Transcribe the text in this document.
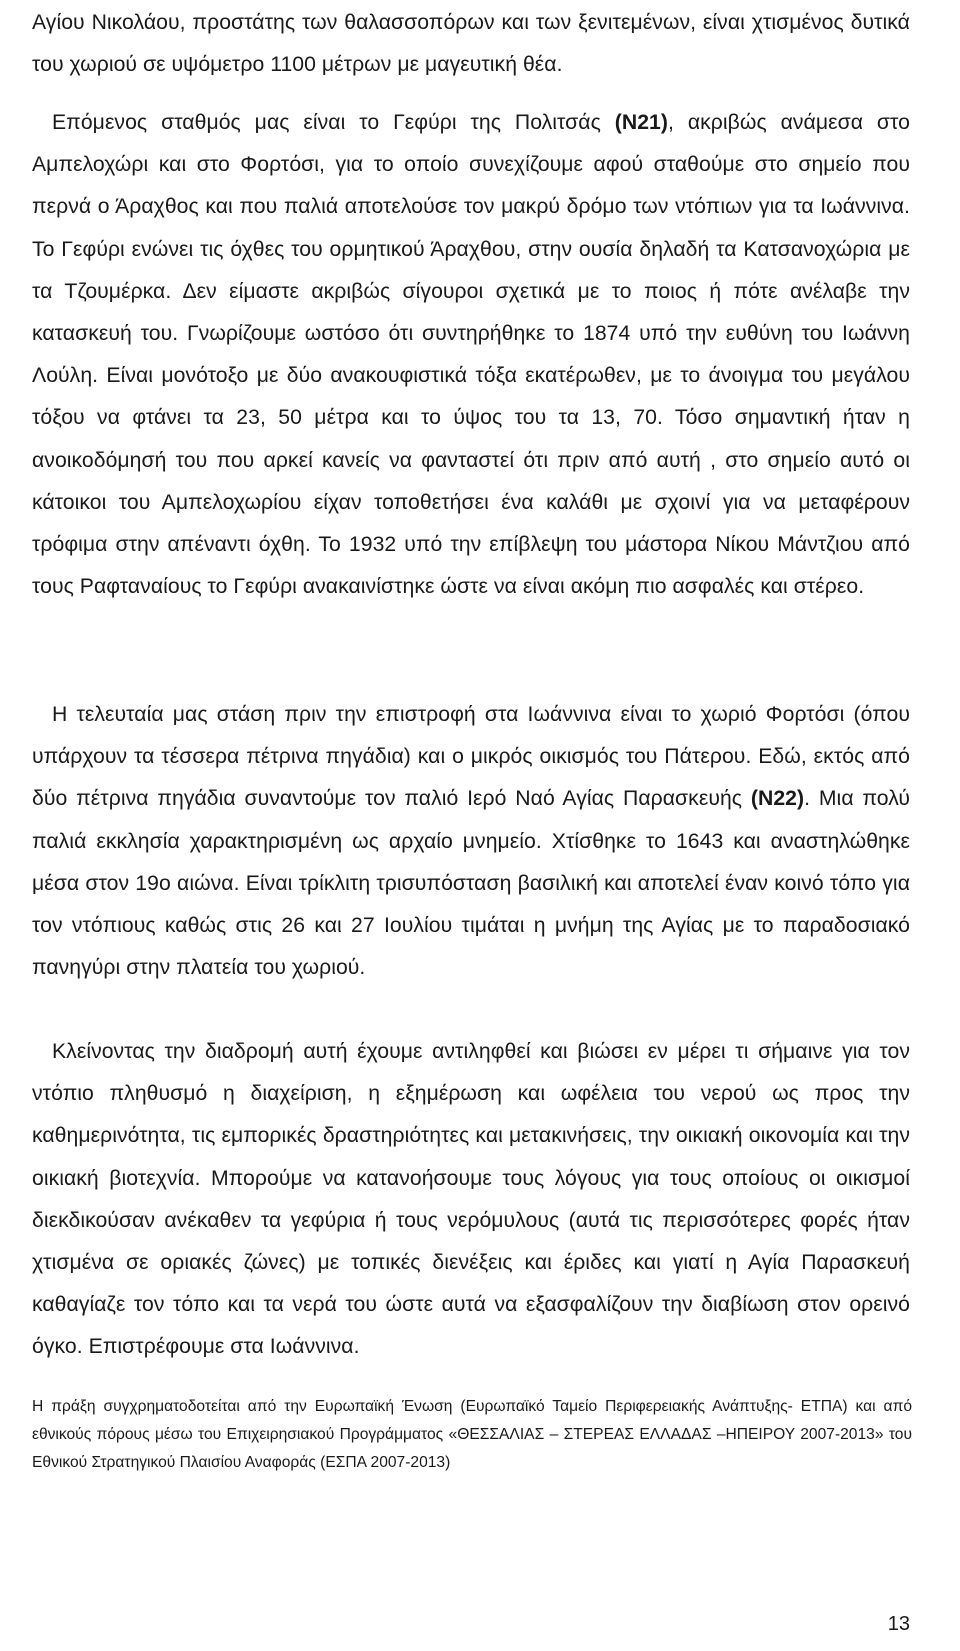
Αγίου Νικολάου, προστάτης των θαλασσοπόρων και των ξενιτεμένων, είναι χτισμένος δυτικά του χωριού σε υψόμετρο 1100 μέτρων με μαγευτική θέα.

Επόμενος σταθμός μας είναι το Γεφύρι της Πολιτσάς (Ν21), ακριβώς ανάμεσα στο Αμπελοχώρι και στο Φορτόσι, για το οποίο συνεχίζουμε αφού σταθούμε στο σημείο που περνά ο Άραχθος και που παλιά αποτελούσε τον μακρύ δρόμο των ντόπιων για τα Ιωάννινα. Το Γεφύρι ενώνει τις όχθες του ορμητικού Άραχθου, στην ουσία δηλαδή τα Κατσανοχώρια με τα Τζουμέρκα. Δεν είμαστε ακριβώς σίγουροι σχετικά με το ποιος ή πότε ανέλαβε την κατασκευή του. Γνωρίζουμε ωστόσο ότι συντηρήθηκε το 1874 υπό την ευθύνη του Ιωάννη Λούλη. Είναι μονότοξο με δύο ανακουφιστικά τόξα εκατέρωθεν, με το άνοιγμα του μεγάλου τόξου να φτάνει τα 23, 50 μέτρα και το ύψος του τα 13, 70. Τόσο σημαντική ήταν η ανοικοδόμησή του που αρκεί κανείς να φανταστεί ότι πριν από αυτή , στο σημείο αυτό οι κάτοικοι του Αμπελοχωρίου είχαν τοποθετήσει ένα καλάθι με σχοινί για να μεταφέρουν τρόφιμα στην απέναντι όχθη. Το 1932 υπό την επίβλεψη του μάστορα Νίκου Μάντζιου από τους Ραφταναίους το Γεφύρι ανακαινίστηκε ώστε να είναι ακόμη πιο ασφαλές και στέρεο.

Η τελευταία μας στάση πριν την επιστροφή στα Ιωάννινα είναι το χωριό Φορτόσι (όπου υπάρχουν τα τέσσερα πέτρινα πηγάδια) και ο μικρός οικισμός του Πάτερου. Εδώ, εκτός από δύο πέτρινα πηγάδια συναντούμε τον παλιό Ιερό Ναό Αγίας Παρασκευής (Ν22). Μια πολύ παλιά εκκλησία χαρακτηρισμένη ως αρχαίο μνημείο. Χτίσθηκε το 1643 και αναστηλώθηκε μέσα στον 19ο αιώνα. Είναι τρίκλιτη τρισυπόσταση βασιλική και αποτελεί έναν κοινό τόπο για τον ντόπιους καθώς στις 26 και 27 Ιουλίου τιμάται η μνήμη της Αγίας με το παραδοσιακό πανηγύρι στην πλατεία του χωριού.

Κλείνοντας την διαδρομή αυτή έχουμε αντιληφθεί και βιώσει εν μέρει τι σήμαινε για τον ντόπιο πληθυσμό η διαχείριση, η εξημέρωση και ωφέλεια του νερού ως προς την καθημερινότητα, τις εμπορικές δραστηριότητες και μετακινήσεις, την οικιακή οικονομία και την οικιακή βιοτεχνία. Μπορούμε να κατανοήσουμε τους λόγους για τους οποίους οι οικισμοί διεκδικούσαν ανέκαθεν τα γεφύρια ή τους νερόμυλους (αυτά τις περισσότερες φορές ήταν χτισμένα σε οριακές ζώνες) με τοπικές διενέξεις και έριδες και γιατί η Αγία Παρασκευή καθαγίαζε τον τόπο και τα νερά του ώστε αυτά να εξασφαλίζουν την διαβίωση στον ορεινό όγκο. Επιστρέφουμε στα Ιωάννινα.

Η πράξη συγχρηματοδοτείται από την Ευρωπαϊκή Ένωση (Ευρωπαϊκό Ταμείο Περιφερειακής Ανάπτυξης- ΕΤΠΑ) και από εθνικούς πόρους μέσω του Επιχειρησιακού Προγράμματος «ΘΕΣΣΑΛΙΑΣ – ΣΤΕΡΕΑΣ ΕΛΛΑΔΑΣ –ΗΠΕΙΡΟΥ 2007-2013» του Εθνικού Στρατηγικού Πλαισίου Αναφοράς (ΕΣΠΑ 2007-2013)

13
